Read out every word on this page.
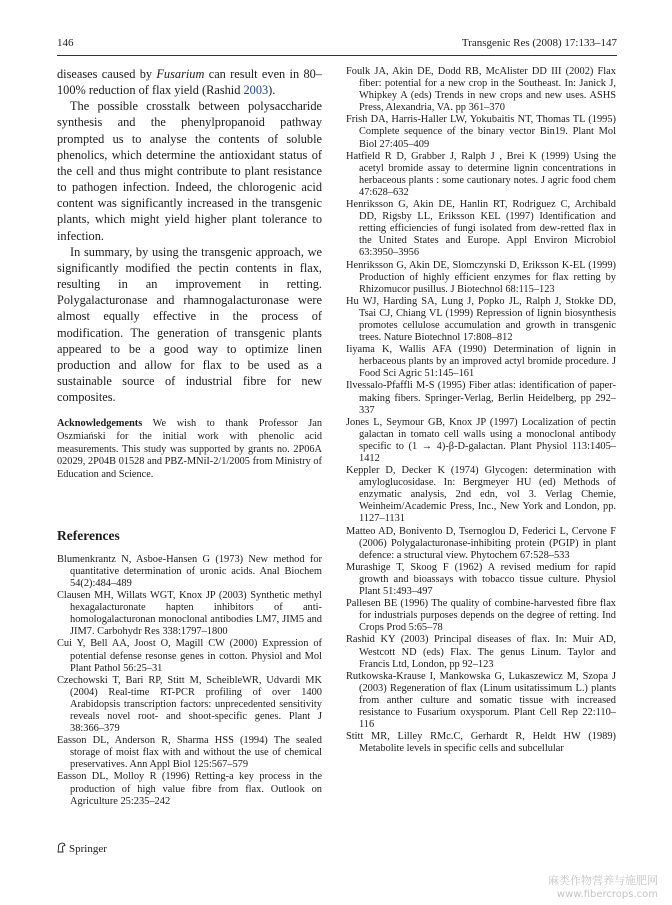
146	Transgenic Res (2008) 17:133–147

diseases caused by Fusarium can result even in 80–100% reduction of flax yield (Rashid 2003).

The possible crosstalk between polysaccharide synthesis and the phenylpropanoid pathway prompted us to analyse the contents of soluble phenolics, which determine the antioxidant status of the cell and thus might contribute to plant resistance to pathogen infection. Indeed, the chlorogenic acid content was significantly increased in the transgenic plants, which might yield higher plant tolerance to infection.

In summary, by using the transgenic approach, we significantly modified the pectin contents in flax, resulting in an improvement in retting. Polygalacturonase and rhamnogalacturonase were almost equally effective in the process of modification. The generation of transgenic plants appeared to be a good way to optimize linen production and allow for flax to be used as a sustainable source of industrial fibre for new composites.

Acknowledgements We wish to thank Professor Jan Oszmiański for the initial work with phenolic acid measurements. This study was supported by grants no. 2P06A 02029, 2P04B 01528 and PBZ-MNiI-2/1/2005 from Ministry of Education and Science.

References
Blumenkrantz N, Asboe-Hansen G (1973) New method for quantitative determination of uronic acids. Anal Biochem 54(2):484–489
Clausen MH, Willats WGT, Knox JP (2003) Synthetic methyl hexagalacturonate hapten inhibitors of anti-homologalacturonan monoclonal antibodies LM7, JIM5 and JIM7. Carbohydr Res 338:1797–1800
Cui Y, Bell AA, Joost O, Magill CW (2000) Expression of potential defense resonse genes in cotton. Physiol and Mol Plant Pathol 56:25–31
Czechowski T, Bari RP, Stitt M, ScheibleWR, Udvardi MK (2004) Real-time RT-PCR profiling of over 1400 Arabidopsis transcription factors: unprecedented sensitivity reveals novel root- and shoot-specific genes. Plant J 38:366–379
Easson DL, Anderson R, Sharma HSS (1994) The sealed storage of moist flax with and without the use of chemical preservatives. Ann Appl Biol 125:567–579
Easson DL, Molloy R (1996) Retting-a key process in the production of high value fibre from flax. Outlook on Agriculture 25:235–242
Foulk JA, Akin DE, Dodd RB, McAlister DD III (2002) Flax fiber: potential for a new crop in the Southeast. In: Janick J, Whipkey A (eds) Trends in new crops and new uses. ASHS Press, Alexandria, VA. pp 361–370
Frish DA, Harris-Haller LW, Yokubaitis NT, Thomas TL (1995) Complete sequence of the binary vector Bin19. Plant Mol Biol 27:405–409
Hatfield R D, Grabber J, Ralph J , Brei K (1999) Using the acetyl bromide assay to determine lignin concentrations in herbaceous plants : some cautionary notes. J agric food chem 47:628–632
Henriksson G, Akin DE, Hanlin RT, Rodriguez C, Archibald DD, Rigsby LL, Eriksson KEL (1997) Identification and retting efficiencies of fungi isolated from dew-retted flax in the United States and Europe. Appl Environ Microbiol 63:3950–3956
Henriksson G, Akin DE, Slomczynski D, Eriksson K-EL (1999) Production of highly efficient enzymes for flax retting by Rhizomucor pusillus. J Biotechnol 68:115–123
Hu WJ, Harding SA, Lung J, Popko JL, Ralph J, Stokke DD, Tsai CJ, Chiang VL (1999) Repression of lignin biosynthesis promotes cellulose accumulation and growth in transgenic trees. Nature Biotechnol 17:808–812
Iiyama K, Wallis AFA (1990) Determination of lignin in herbaceous plants by an improved actyl bromide procedure. J Food Sci Agric 51:145–161
Ilvessalo-Pfaffli M-S (1995) Fiber atlas: identification of paper-making fibers. Springer-Verlag, Berlin Heidelberg, pp 292–337
Jones L, Seymour GB, Knox JP (1997) Localization of pectin galactan in tomato cell walls using a monoclonal antibody specific to (1 → 4)-β-D-galactan. Plant Physiol 113:1405–1412
Keppler D, Decker K (1974) Glycogen: determination with amyloglucosidase. In: Bergmeyer HU (ed) Methods of enzymatic analysis, 2nd edn, vol 3. Verlag Chemie, Weinheim/Academic Press, Inc., New York and London, pp. 1127–1131
Matteo AD, Bonivento D, Tsernoglou D, Federici L, Cervone F (2006) Polygalacturonase-inhibiting protein (PGIP) in plant defence: a structural view. Phytochem 67:528–533
Murashige T, Skoog F (1962) A revised medium for rapid growth and bioassays with tobacco tissue culture. Physiol Plant 51:493–497
Pallesen BE (1996) The quality of combine-harvested fibre flax for industrials purposes depends on the degree of retting. Ind Crops Prod 5:65–78
Rashid KY (2003) Principal diseases of flax. In: Muir AD, Westcott ND (eds) Flax. The genus Linum. Taylor and Francis Ltd, London, pp 92–123
Rutkowska-Krause I, Mankowska G, Lukaszewicz M, Szopa J (2003) Regeneration of flax (Linum usitatissimum L.) plants from anther culture and somatic tissue with increased resistance to Fusarium oxysporum. Plant Cell Rep 22:110–116
Stitt MR, Lilley RMc.C, Gerhardt R, Heldt HW (1989) Metabolite levels in specific cells and subcellular
Springer
麻类作物营养与施肥网
www.fibercrops.com
